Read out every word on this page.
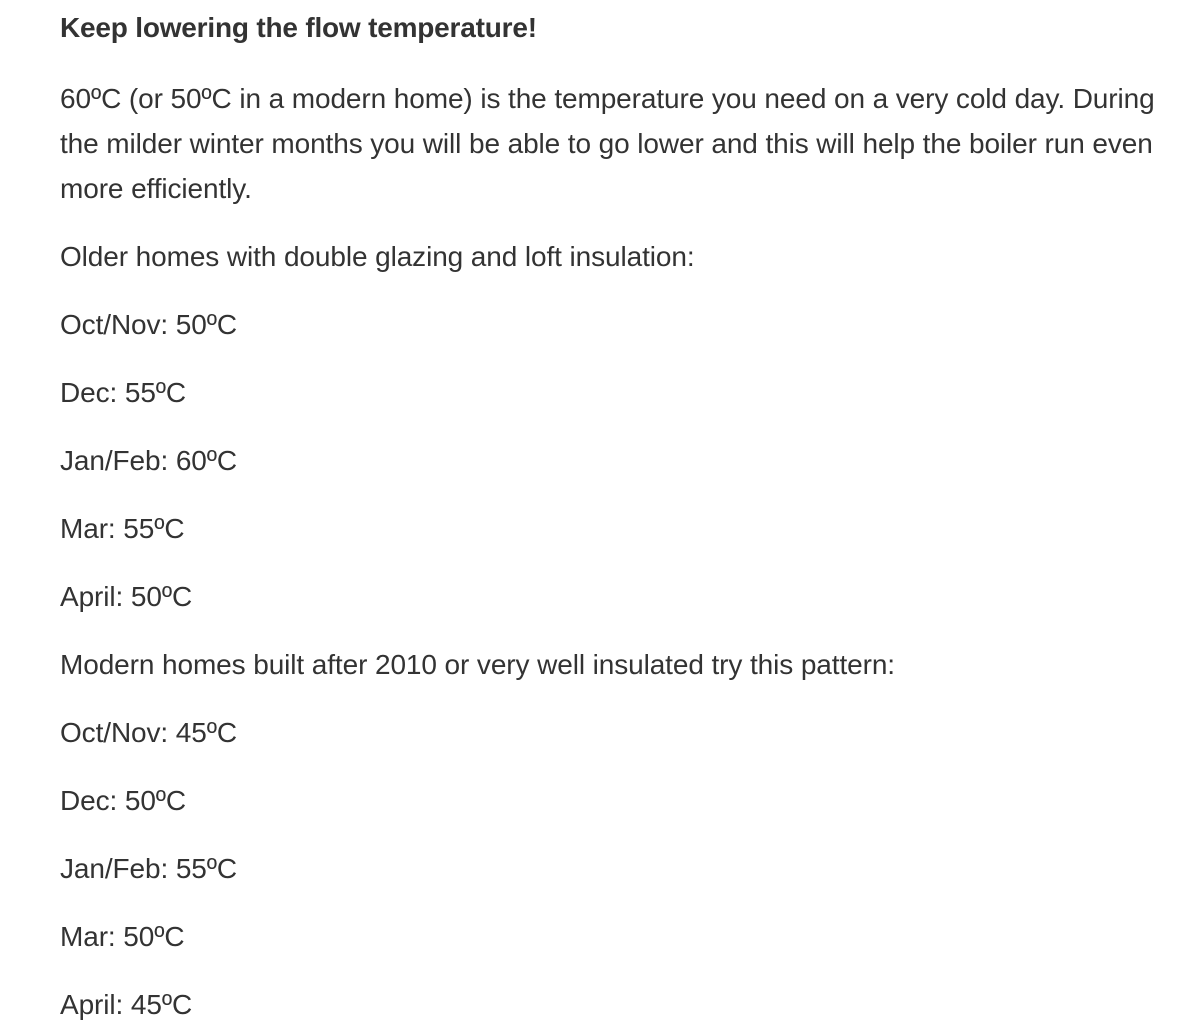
Keep lowering the flow temperature!

60ºC (or 50ºC in a modern home) is the temperature you need on a very cold day. During the milder winter months you will be able to go lower and this will help the boiler run even more efficiently.

Older homes with double glazing and loft insulation:

Oct/Nov: 50ºC

Dec: 55ºC

Jan/Feb: 60ºC

Mar: 55ºC

April: 50ºC

Modern homes built after 2010 or very well insulated try this pattern:

Oct/Nov: 45ºC

Dec: 50ºC

Jan/Feb: 55ºC

Mar: 50ºC

April: 45ºC
